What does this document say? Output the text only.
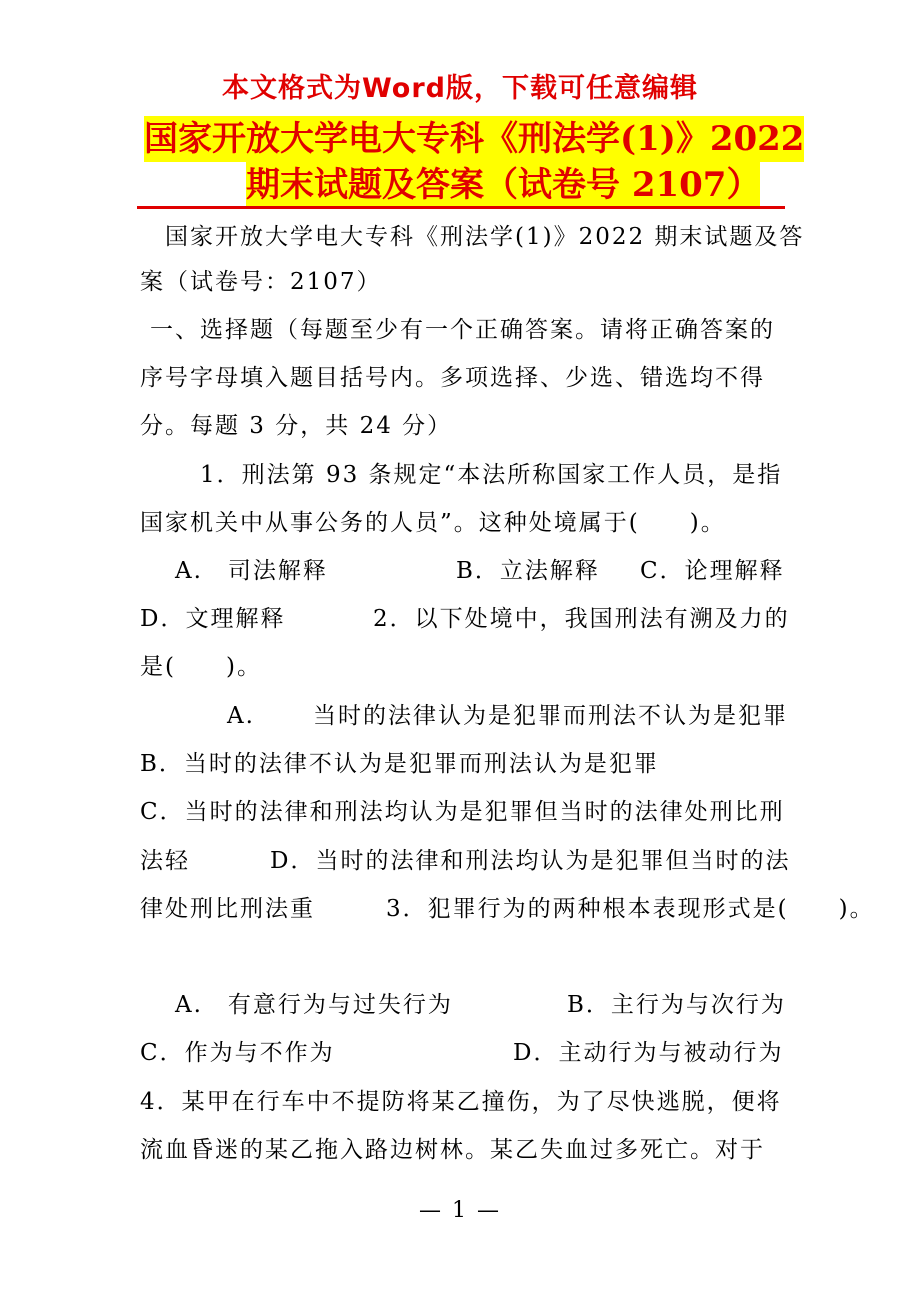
本文格式为Word版，下载可任意编辑
国家开放大学电大专科《刑法学(1)》2022
期末试题及答案（试卷号 2107）
国家开放大学电大专科《刑法学(1)》2022 期末试题及答
案（试卷号：2107）
一、选择题（每题至少有一个正确答案。请将正确答案的
序号字母填入题目括号内。多项选择、少选、错选均不得
分。每题 3 分，共 24 分）
1．刑法第 93 条规定“本法所称国家工作人员，是指
国家机关中从事公务的人员”。这种处境属于(　　)。
A.　司法解释	B．立法解释 C．论理解释
D．文理解释	2．以下处境中，我国刑法有溯及力的
是(　　)。
A.	当时的法律认为是犯罪而刑法不认为是犯罪
B．当时的法律不认为是犯罪而刑法认为是犯罪
C．当时的法律和刑法均认为是犯罪但当时的法律处刑比刑
法轻	D．当时的法律和刑法均认为是犯罪但当时的法
律处刑比刑法重	3．犯罪行为的两种根本表现形式是(　　)。
A.　有意行为与过失行为	B．主行为与次行为
C．作为与不作为	D．主动行为与被动行为
4．某甲在行车中不提防将某乙撞伤，为了尽快逃脱，便将
流血昏迷的某乙拖入路边树林。某乙失血过多死亡。对于
— 1 —
